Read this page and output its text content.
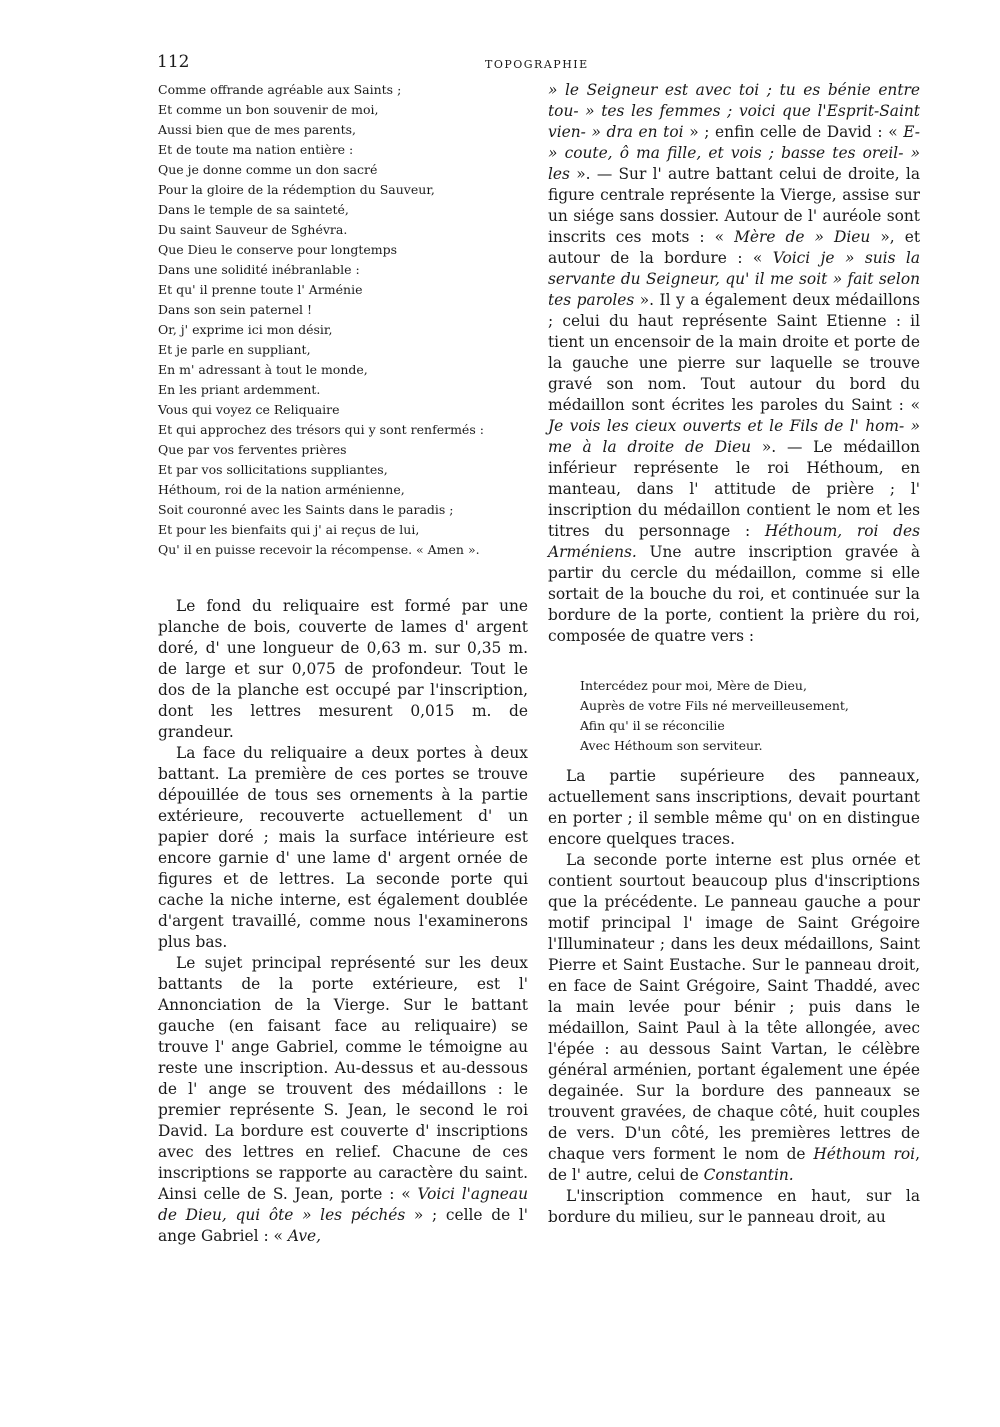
112	TOPOGRAPHIE
Comme offrande agréable aux Saints ;
Et comme un bon souvenir de moi,
Aussi bien que de mes parents,
Et de toute ma nation entière :
Que je donne comme un don sacré
Pour la gloire de la rédemption du Sauveur,
Dans le temple de sa sainteté,
Du saint Sauveur de Sghévra.
Que Dieu le conserve pour longtemps
Dans une solidité inébranlable :
Et qu' il prenne toute l' Arménie
Dans son sein paternel !
Or, j' exprime ici mon désir,
Et je parle en suppliant,
En m' adressant à tout le monde,
En les priant ardemment.
Vous qui voyez ce Reliquaire
Et qui approchez des trésors qui y sont renfermés :
Que par vos ferventes prières
Et par vos sollicitations suppliantes,
Héthoum, roi de la nation arménienne,
Soit couronné avec les Saints dans le paradis ;
Et pour les bienfaits qui j' ai reçus de lui,
Qu' il en puisse recevoir la récompense. « Amen ».

Le fond du reliquaire est formé par une planche de bois, couverte de lames d' argent doré, d' une longueur de 0,63 m. sur 0,35 m. de large et sur 0,075 de profondeur. Tout le dos de la planche est occupé par l'inscription, dont les lettres mesurent 0,015 m. de grandeur.

La face du reliquaire a deux portes à deux battant. La première de ces portes se trouve dépouillée de tous ses ornements à la partie extérieure, recouverte actuellement d' un papier doré ; mais la surface intérieure est encore garnie d' une lame d' argent ornée de figures et de lettres. La seconde porte qui cache la niche interne, est également doublée d'argent travaillé, comme nous l'examinerons plus bas.

Le sujet principal représenté sur les deux battants de la porte extérieure, est l' Annonciation de la Vierge. Sur le battant gauche (en faisant face au reliquaire) se trouve l' ange Gabriel, comme le témoigne au reste une inscription. Au-dessus et au-dessous de l' ange se trouvent des médaillons : le premier représente S. Jean, le second le roi David. La bordure est couverte d' inscriptions avec des lettres en relief. Chacune de ces inscriptions se rapporte au caractère du saint. Ainsi celle de S. Jean, porte : « Voici l'agneau de Dieu, qui ôte » les péchés » ; celle de l' ange Gabriel : « Ave,

» le Seigneur est avec toi ; tu es bénie entre tou- » tes les femmes ; voici que l'Esprit-Saint vien- » dra en toi » ; enfin celle de David : « E- » coute, ô ma fille, et vois ; basse tes oreil- » les ». — Sur l' autre battant celui de droite, la figure centrale représente la Vierge, assise sur un siége sans dossier. Autour de l' auréole sont inscrits ces mots : « Mère de » Dieu », et autour de la bordure : « Voici je » suis la servante du Seigneur, qu' il me soit » fait selon tes paroles ». Il y a également deux médaillons ; celui du haut représente Saint Etienne : il tient un encensoir de la main droite et porte de la gauche une pierre sur laquelle se trouve gravé son nom. Tout autour du bord du médaillon sont écrites les paroles du Saint : « Je vois les cieux ouverts et le Fils de l' hom- » me à la droite de Dieu ». — Le médaillon inférieur représente le roi Héthoum, en manteau, dans l' attitude de prière ; l' inscription du médaillon contient le nom et les titres du personnage : Héthoum, roi des Arméniens. Une autre inscription gravée à partir du cercle du médaillon, comme si elle sortait de la bouche du roi, et continuée sur la bordure de la porte, contient la prière du roi, composée de quatre vers :

Intercédez pour moi, Mère de Dieu,
Auprès de votre Fils né merveilleusement,
Afin qu' il se réconcilie
Avec Héthoum son serviteur.

La partie supérieure des panneaux, actuellement sans inscriptions, devait pourtant en porter ; il semble même qu' on en distingue encore quelques traces.

La seconde porte interne est plus ornée et contient sourtout beaucoup plus d'inscriptions que la précédente. Le panneau gauche a pour motif principal l' image de Saint Grégoire l'Illuminateur ; dans les deux médaillons, Saint Pierre et Saint Eustache. Sur le panneau droit, en face de Saint Grégoire, Saint Thaddé, avec la main levée pour bénir ; puis dans le médaillon, Saint Paul à la tête allongée, avec l'épée : au dessous Saint Vartan, le célèbre général arménien, portant également une épée degainée. Sur la bordure des panneaux se trouvent gravées, de chaque côté, huit couples de vers. D'un côté, les premières lettres de chaque vers forment le nom de Héthoum roi, de l' autre, celui de Constantin.

L'inscription commence en haut, sur la bordure du milieu, sur le panneau droit, au
